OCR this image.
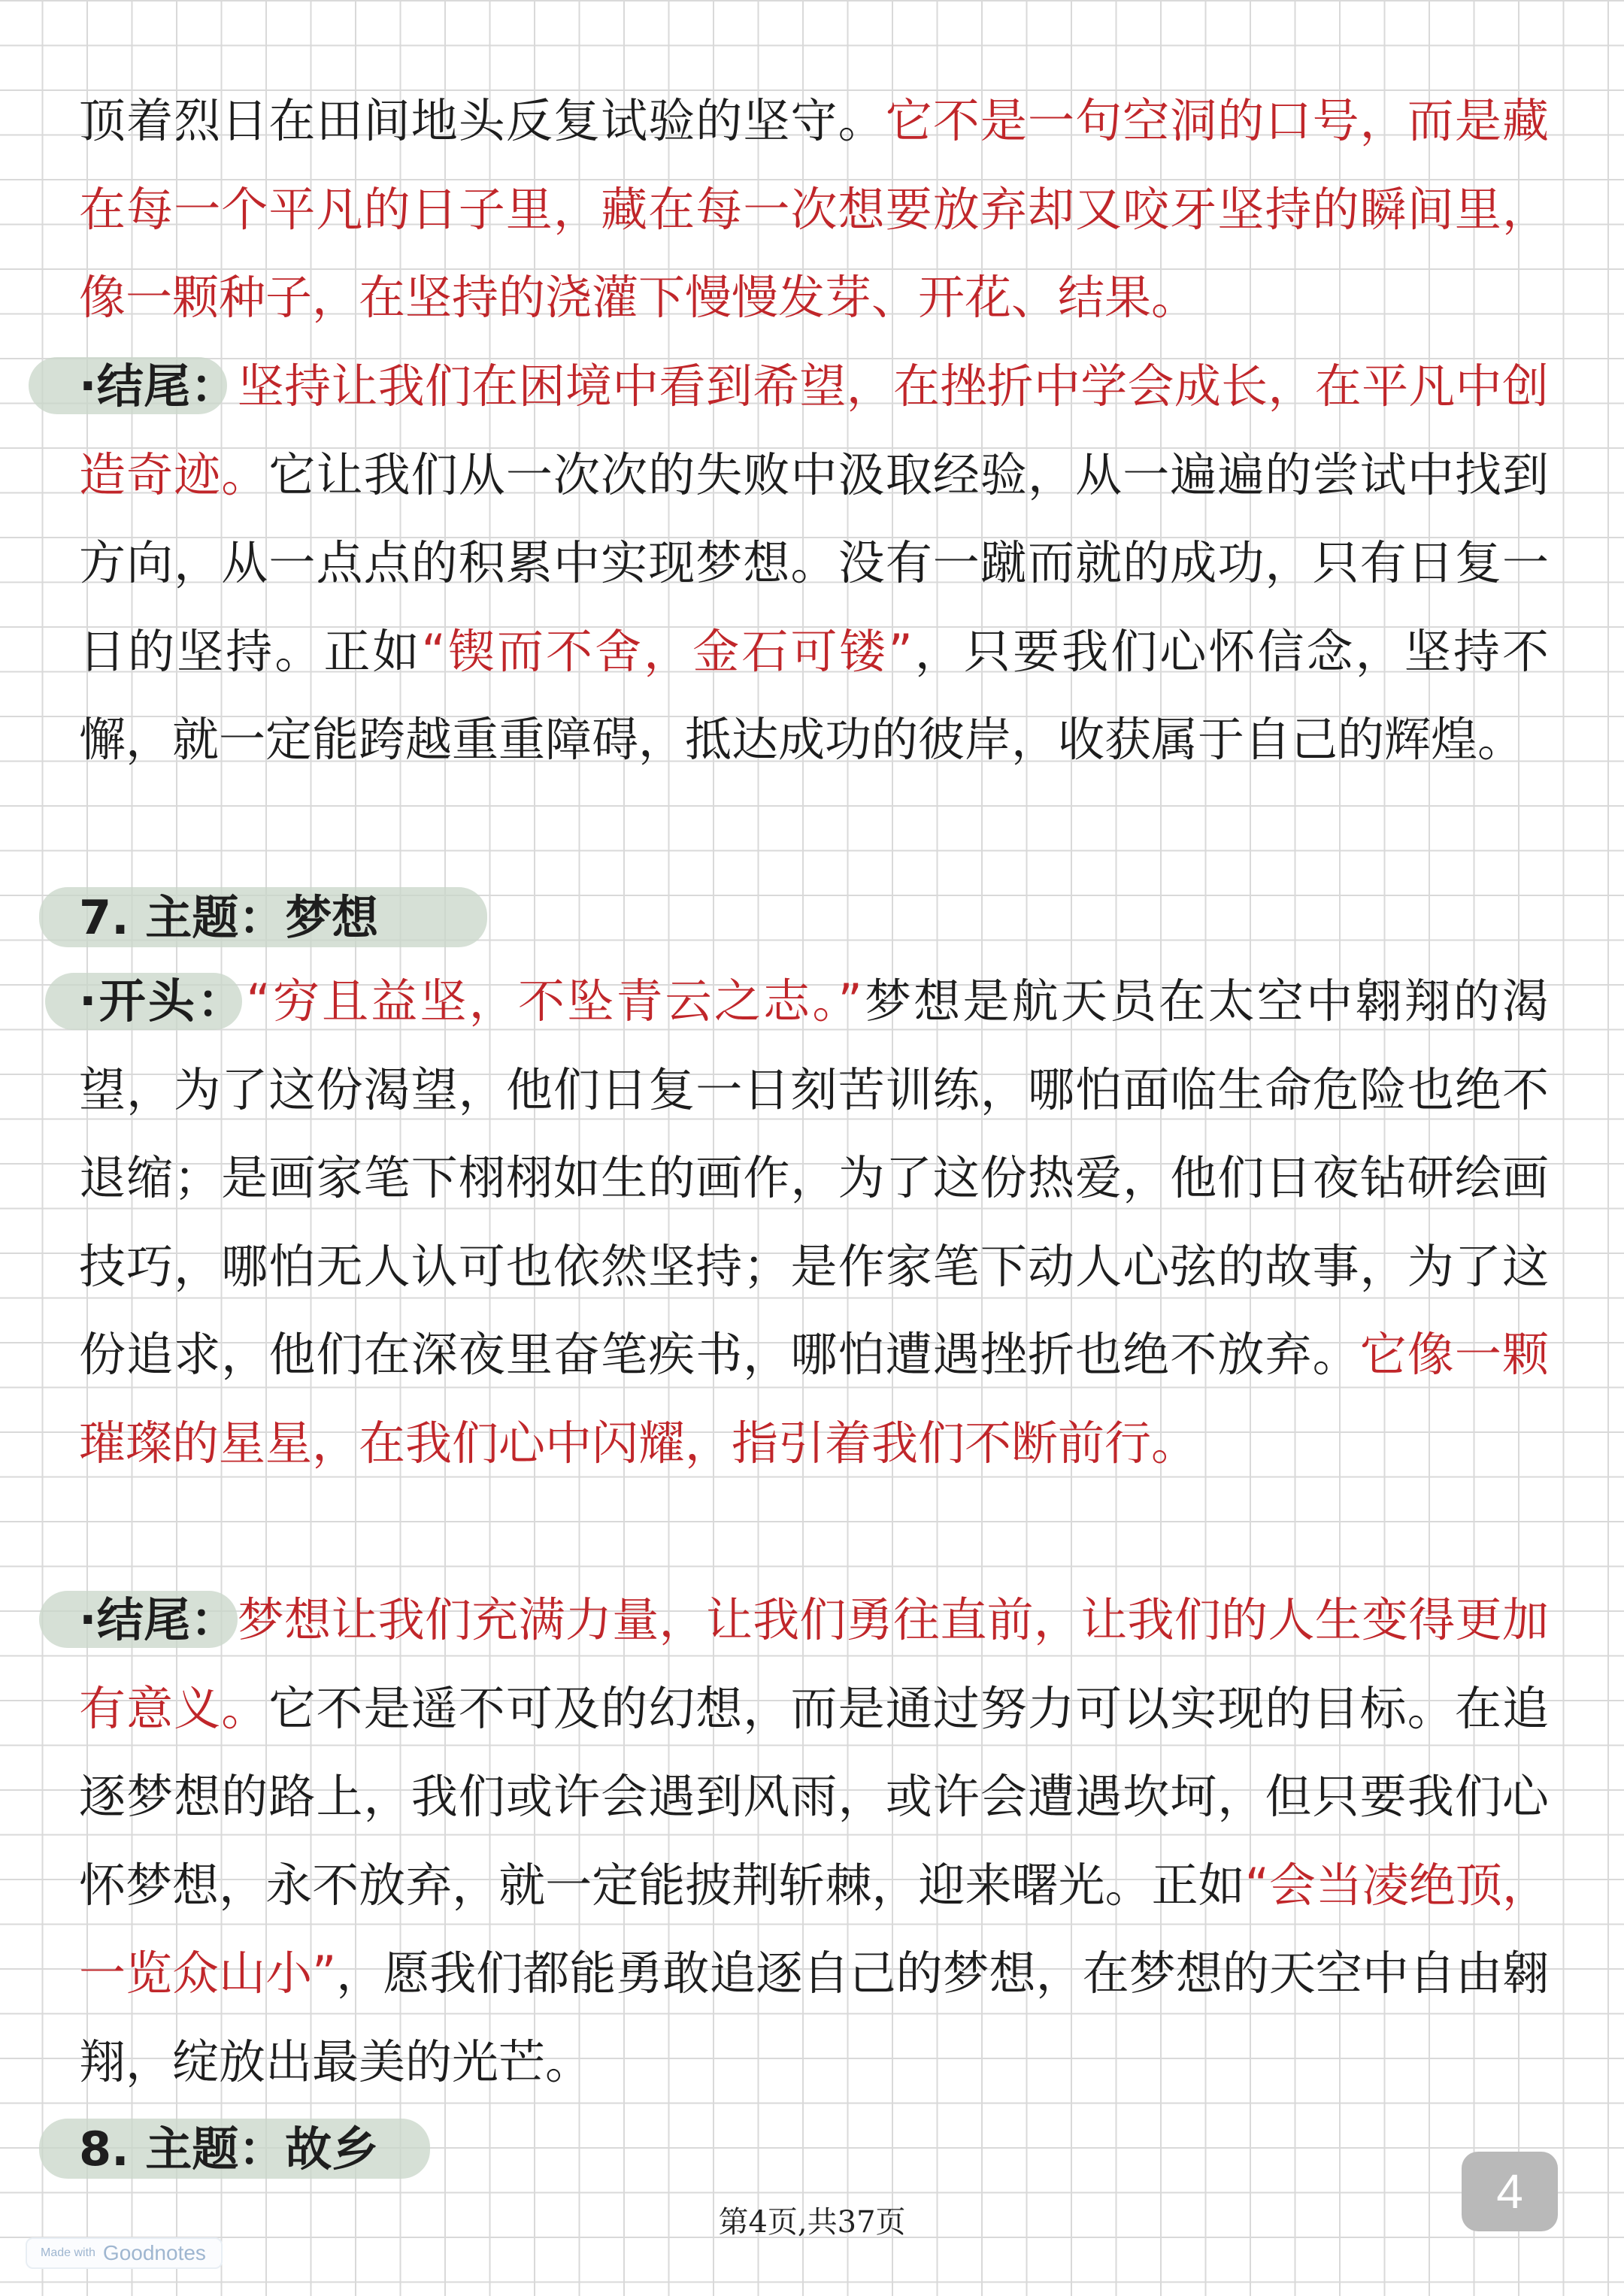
顶着烈日在田间地头反复试验的坚守。它不是一句空洞的口号，而是藏在每一个平凡的日子里，藏在每一次想要放弃却又咬牙坚持的瞬间里，像一颗种子，在坚持的浇灌下慢慢发芽、开花、结果。
·结尾：坚持让我们在困境中看到希望，在挫折中学会成长，在平凡中创造奇迹。它让我们从一次次的失败中汲取经验，从一遍遍的尝试中找到方向，从一点点的积累中实现梦想。没有一蹴而就的成功，只有日复一日的坚持。正如“锲而不舍，金石可镂”，只要我们心怀信念，坚持不懈，就一定能跨越重重障碍，抵达成功的彼岸，收获属于自己的辉煌。
7. 主题：梦想
·开头：“穷且益坚，不坠青云之志。”梦想是航天员在太空中翱翔的渴望，为了这份渴望，他们日复一日刻苦训练，哪怕面临生命危险也绝不退缩；是画家笔下栩栩如生的画作，为了这份热爱，他们日夜钻研绘画技巧，哪怕无人认可也依然坚持；是作家笔下动人心弦的故事，为了这份追求，他们在深夜里奋笔疾书，哪怕遭遇挫折也绝不放弃。它像一颗璀璨的星星，在我们心中闪耀，指引着我们不断前行。
·结尾：梦想让我们充满力量，让我们勇往直前，让我们的人生变得更加有意义。它不是遥不可及的幻想，而是通过努力可以实现的目标。在追逐梦想的路上，我们或许会遇到风雨，或许会遭遇坎坷，但只要我们心怀梦想，永不放弃，就一定能披荆斩棘，迎来曙光。正如“会当凌绝顶，一览众山小”，愿我们都能勇敢追逐自己的梦想，在梦想的天空中自由翱翔，绽放出最美的光芒。
8. 主题：故乡
4
第4页,共37页
Made with Goodnotes
